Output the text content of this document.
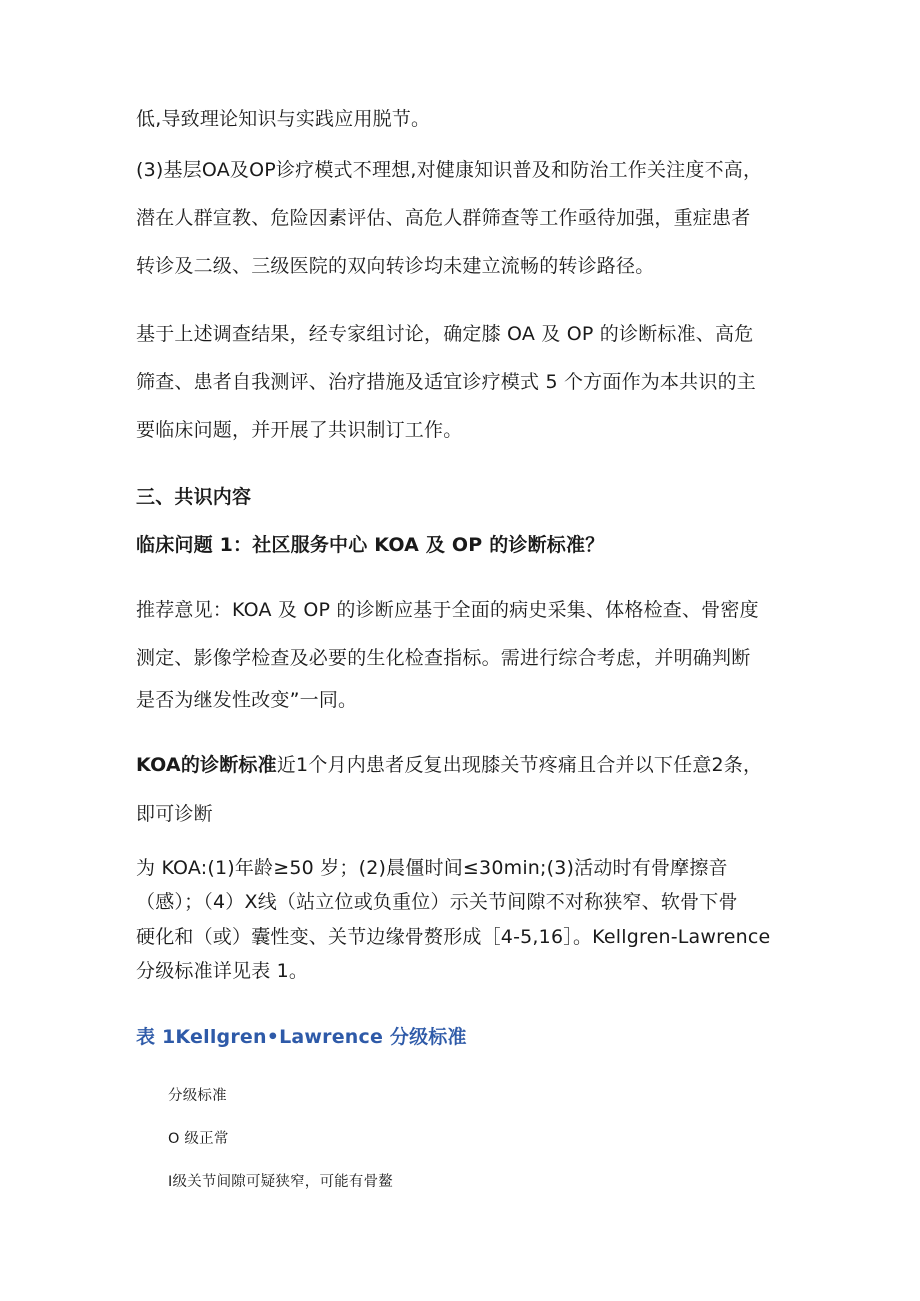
低,导致理论知识与实践应用脱节。
(3)基层OA及OP诊疗模式不理想,对健康知识普及和防治工作关注度不高，
潜在人群宣教、危险因素评估、高危人群筛查等工作亟待加强，重症患者
转诊及二级、三级医院的双向转诊均未建立流畅的转诊路径。
基于上述调查结果，经专家组讨论，确定膝 OA 及 OP 的诊断标准、高危
筛查、患者自我测评、治疗措施及适宜诊疗模式 5 个方面作为本共识的主
要临床问题，并开展了共识制订工作。
三、共识内容
临床问题 1：社区服务中心 KOA 及 OP 的诊断标准？
推荐意见：KOA 及 OP 的诊断应基于全面的病史采集、体格检查、骨密度
测定、影像学检查及必要的生化检查指标。需进行综合考虑，并明确判断
是否为继发性改变”一同。
KOA的诊断标准近1个月内患者反复出现膝关节疼痛且合并以下任意2条，
即可诊断
为 KOA:(1)年龄≥50 岁；(2)晨僵时间≤30min;(3)活动时有骨摩擦音
（感）；（4）X线（站立位或负重位）示关节间隙不对称狭窄、软骨下骨
硬化和（或）囊性变、关节边缘骨赘形成［4-5,16］。Kellgren-Lawrence
分级标准详见表 1。
表 1Kellgren•Lawrence 分级标准
分级标准
O 级正常
I级关节间隙可疑狭窄，可能有骨鳌
